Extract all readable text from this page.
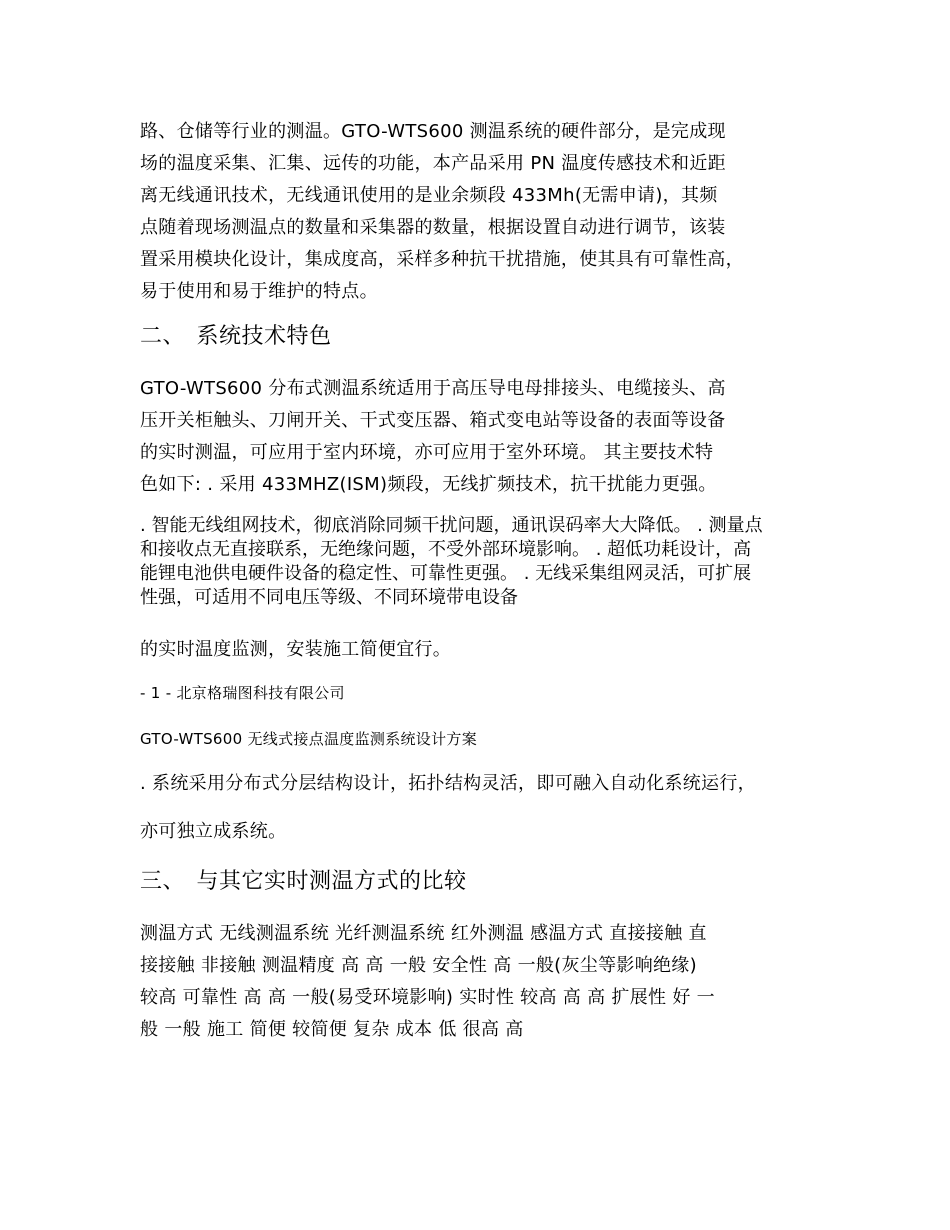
路、仓储等行业的测温。GTO-WTS600 测温系统的硬件部分，是完成现
场的温度采集、汇集、远传的功能，本产品采用 PN 温度传感技术和近距
离无线通讯技术，无线通讯使用的是业余频段 433Mh(无需申请)，其频
点随着现场测温点的数量和采集器的数量，根据设置自动进行调节，该装
置采用模块化设计，集成度高，采样多种抗干扰措施，使其具有可靠性高，
易于使用和易于维护的特点。
二、　系统技术特色
GTO-WTS600 分布式测温系统适用于高压导电母排接头、电缆接头、高
压开关柜触头、刀闸开关、干式变压器、箱式变电站等设备的表面等设备
的实时测温，可应用于室内环境，亦可应用于室外环境。 其主要技术特
色如下: . 采用 433MHZ(ISM)频段，无线扩频技术，抗干扰能力更强。
. 智能无线组网技术，彻底消除同频干扰问题，通讯误码率大大降低。 . 测量点
和接收点无直接联系，无绝缘问题，不受外部环境影响。 . 超低功耗设计，高
能锂电池供电硬件设备的稳定性、可靠性更强。 . 无线采集组网灵活，可扩展
性强，可适用不同电压等级、不同环境带电设备
的实时温度监测，安装施工简便宜行。
- 1 - 北京格瑞图科技有限公司
GTO-WTS600 无线式接点温度监测系统设计方案
. 系统采用分布式分层结构设计，拓扑结构灵活，即可融入自动化系统运行，
亦可独立成系统。
三、　与其它实时测温方式的比较
测温方式 无线测温系统 光纤测温系统 红外测温 感温方式 直接接触 直
接接触 非接触 测温精度 高 高 一般 安全性 高 一般(灰尘等影响绝缘)
较高 可靠性 高 高 一般(易受环境影响) 实时性 较高 高 高 扩展性 好 一
般 一般 施工 简便 较简便 复杂 成本 低 很高 高
